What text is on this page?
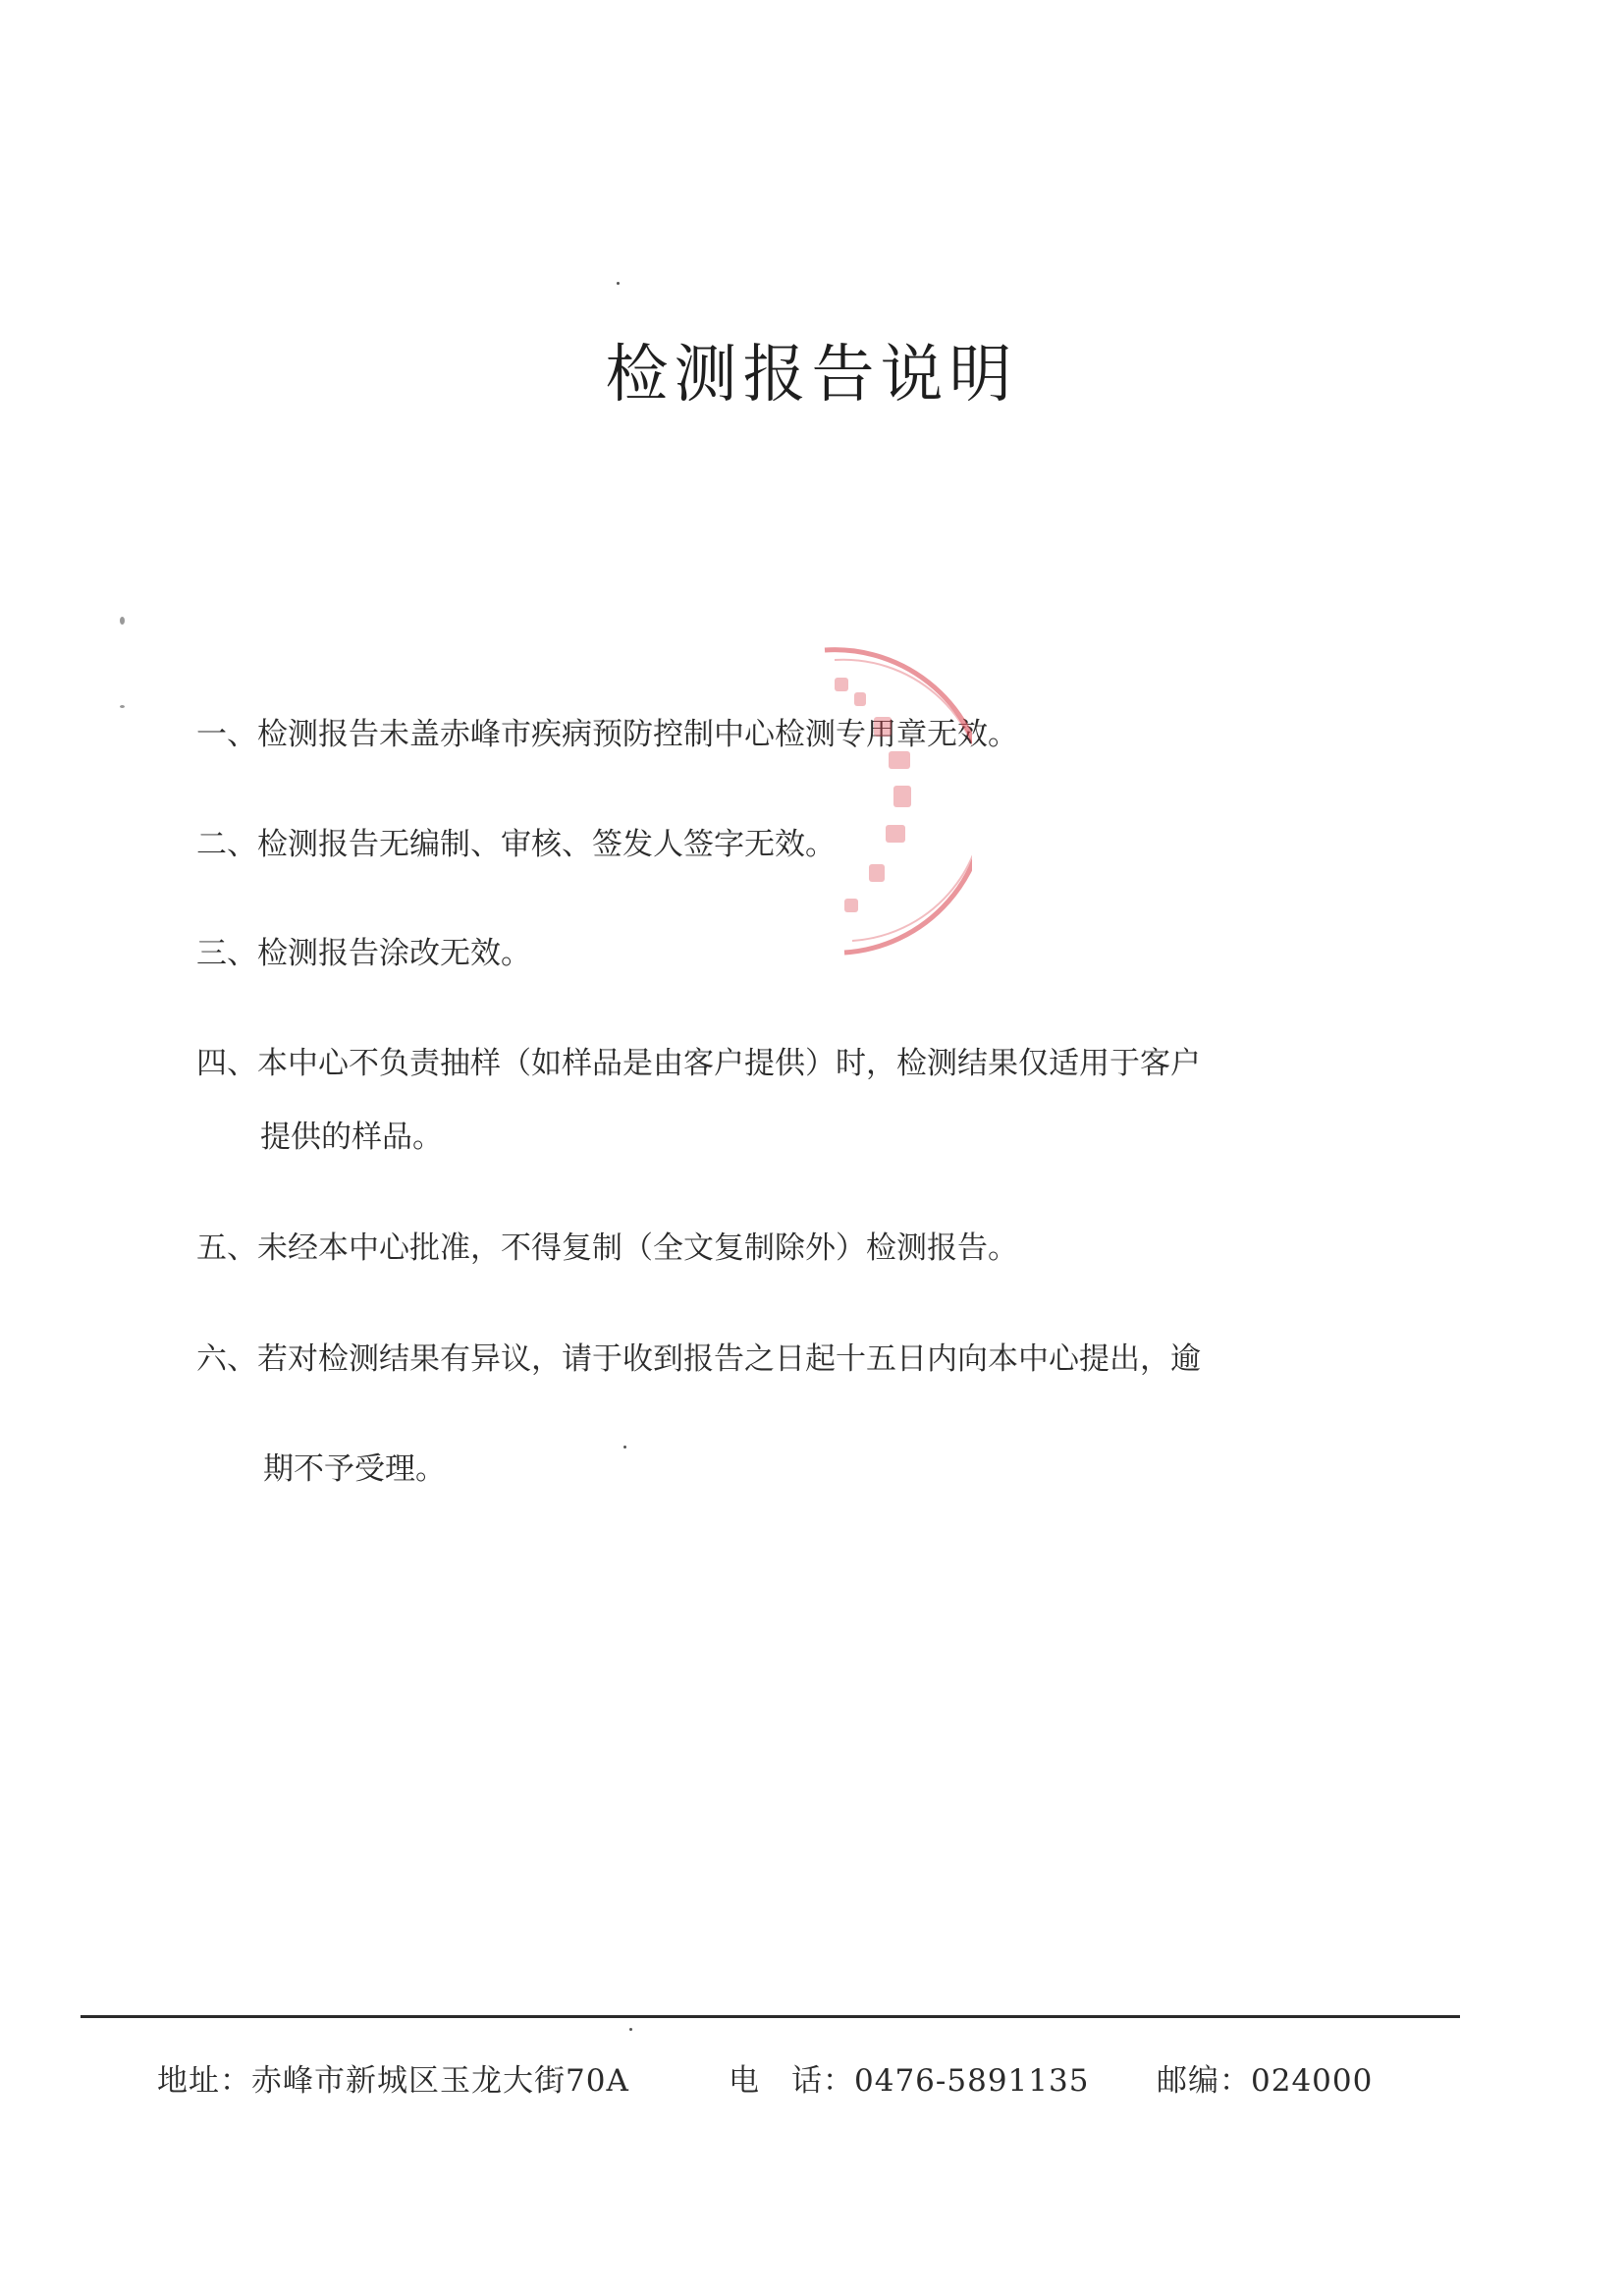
检测报告说明

一、检测报告未盖赤峰市疾病预防控制中心检测专用章无效。

二、检测报告无编制、审核、签发人签字无效。

三、检测报告涂改无效。

四、本中心不负责抽样（如样品是由客户提供）时，检测结果仅适用于客户

提供的样品。

五、未经本中心批准，不得复制（全文复制除外）检测报告。

六、若对检测结果有异议，请于收到报告之日起十五日内向本中心提出，逾

期不予受理。

地址：赤峰市新城区玉龙大街70A	电　话：0476-5891135 邮编：024000
